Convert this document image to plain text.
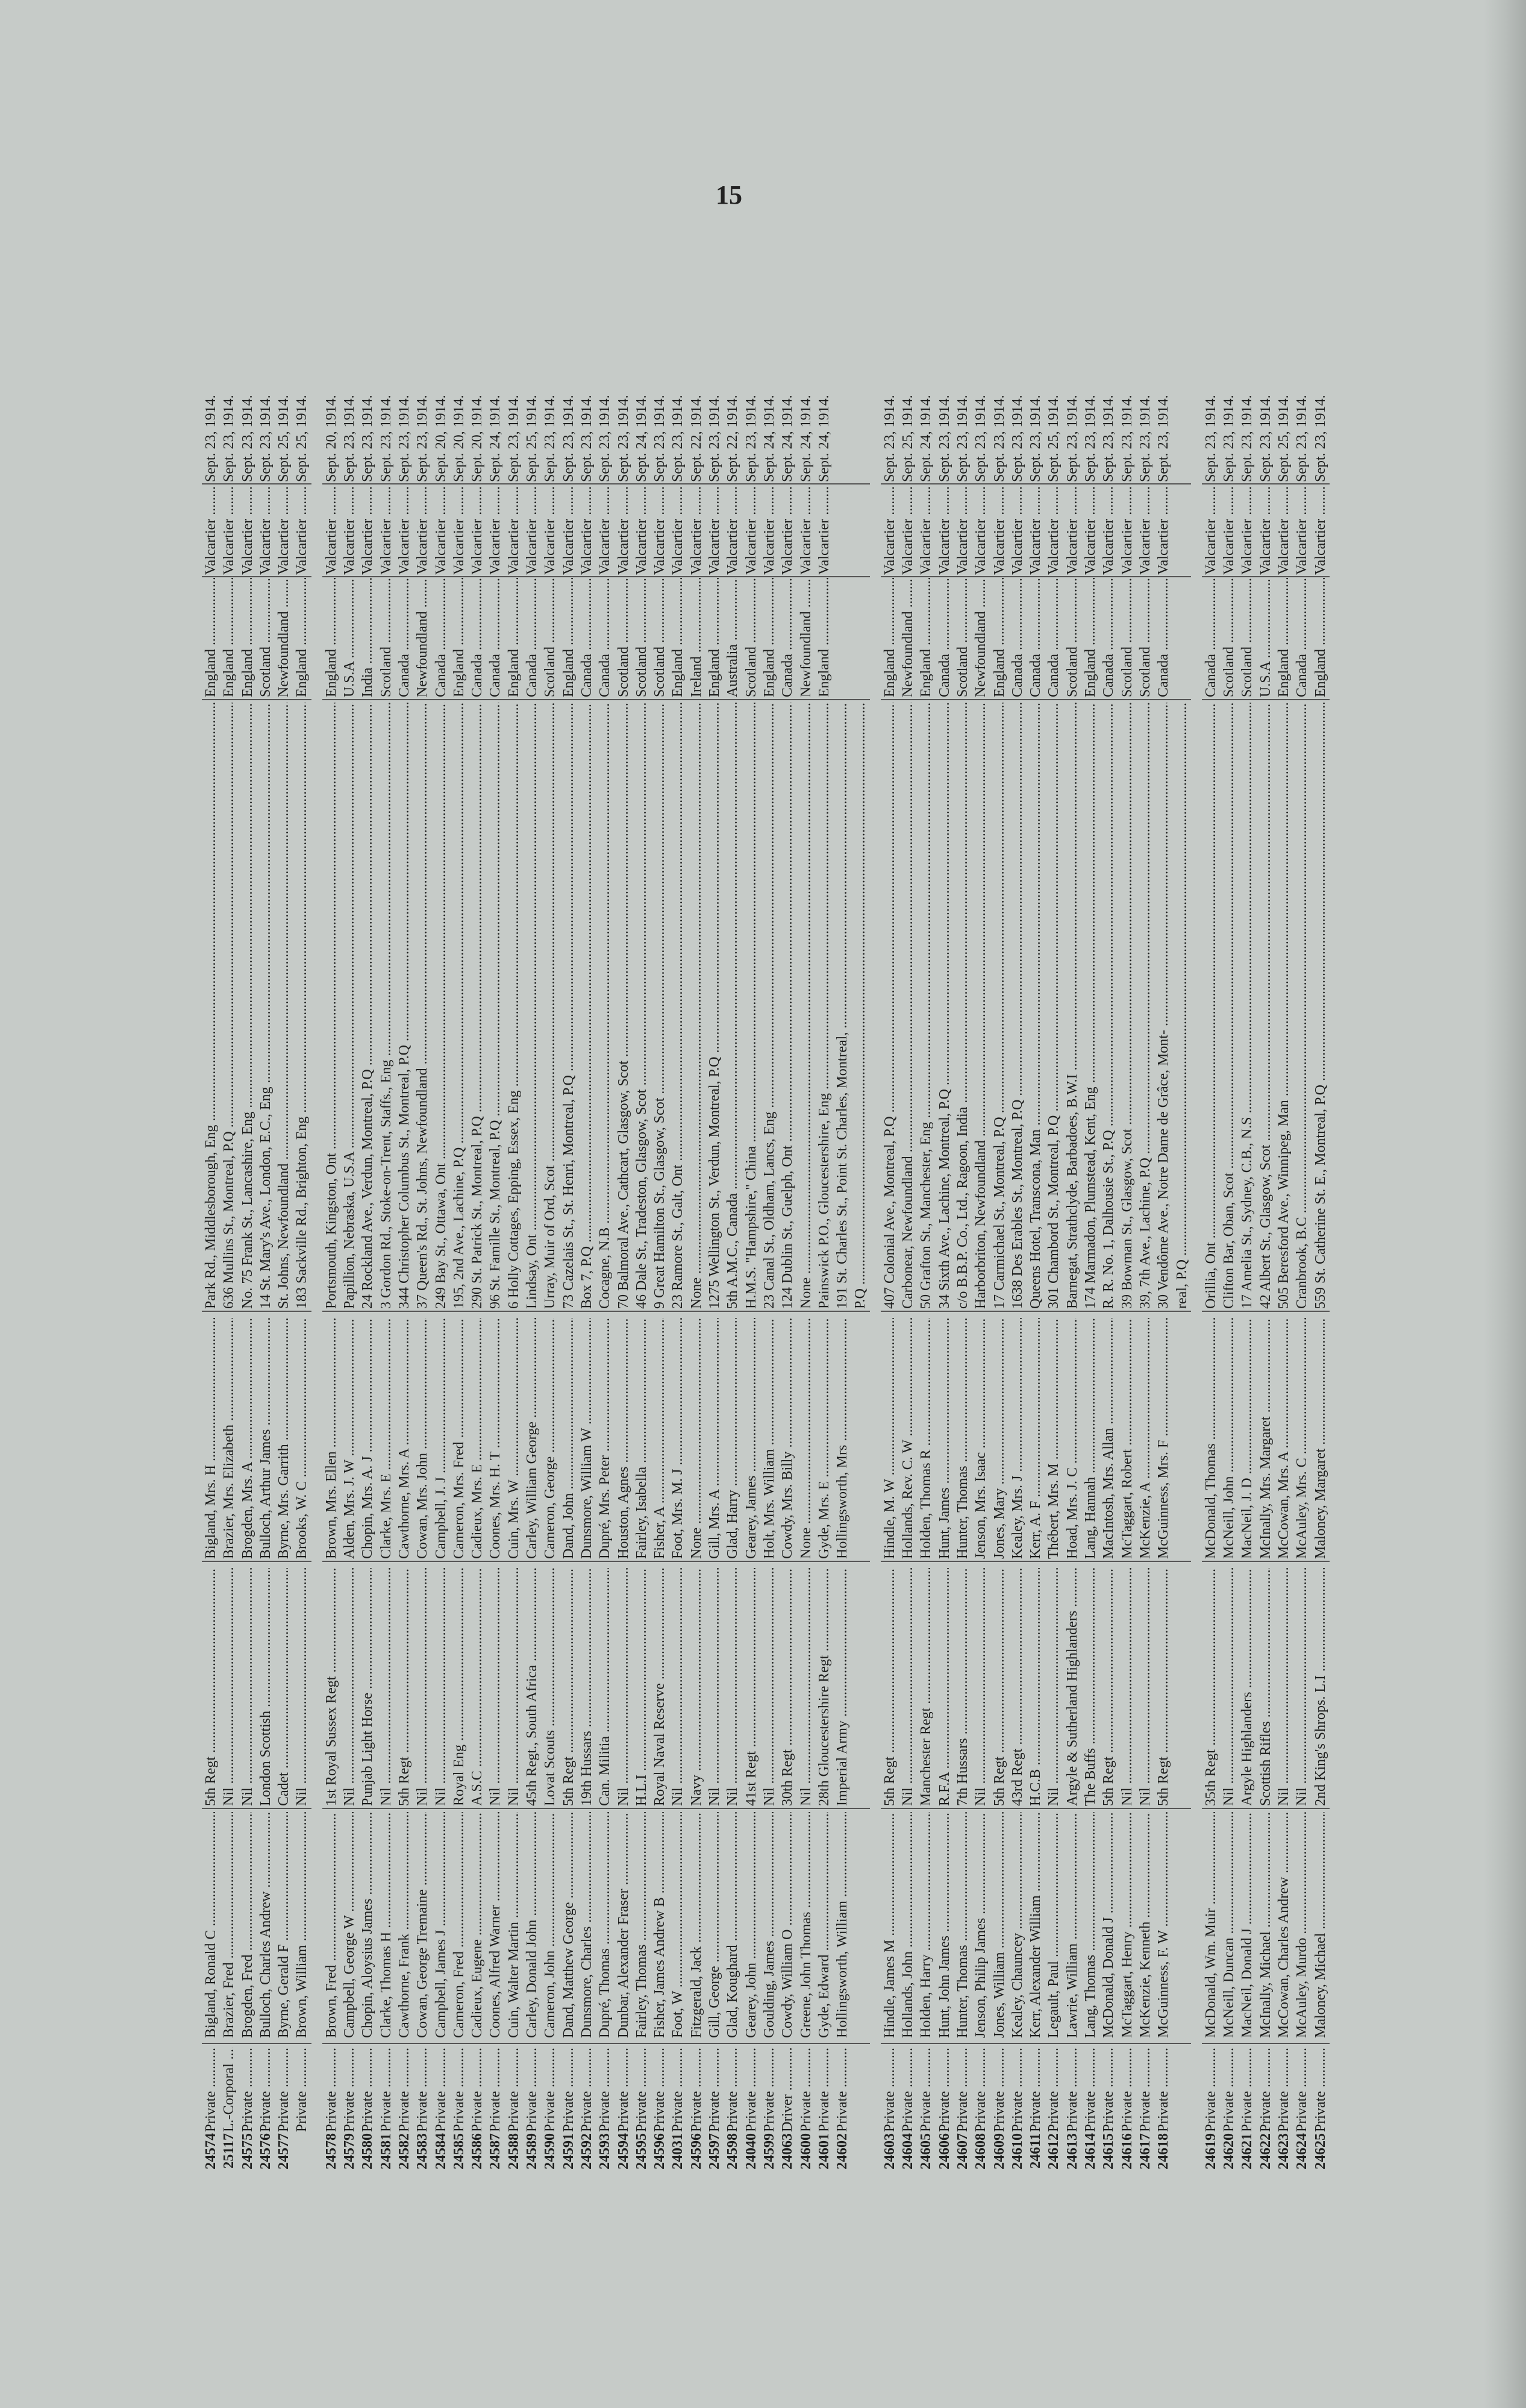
15
24574
Private .....
Bigland, Ronald C .....
5th Regt .....
Bigland, Mrs. H .....
Park Rd., Middlesborough, Eng .....
England .....
Valcartier .....
Sept. 23, 1914.
25117
L.-Corporal .....
Brazier, Fred .....
Nil .....
Brazier, Mrs. Elizabeth .....
636 Mullins St., Montreal, P.Q .....
England .....
Valcartier .....
Sept. 23, 1914.
24575
Private .....
Brogden, Fred .....
Nil .....
Brogden, Mrs. A .....
No. 75 Frank St., Lancashire, Eng .....
England .....
Valcartier .....
Sept. 23, 1914.
24576
Private .....
Bulloch, Charles Andrew .....
London Scottish .....
Bulloch, Arthur James .....
14 St. Mary's Ave., London, E.C., Eng .....
Scotland .....
Valcartier .....
Sept. 23, 1914.
24577
Private .....
Byrne, Gerald F .....
Cadet .....
Byrne, Mrs. Garrith .....
St. Johns, Newfoundland .....
Newfoundland .....
Valcartier .....
Sept. 25, 1914.
Private .....
Brown, William .....
Nil .....
Brooks, W. C .....
183 Sackville Rd., Brighton, Eng .....
England .....
Valcartier .....
Sept. 25, 1914.
24578
Private .....
Brown, Fred .....
1st Royal Sussex Regt .....
Brown, Mrs. Ellen .....
Portsmouth, Kingston, Ont .....
England .....
Valcartier .....
Sept. 20, 1914.
24579
Private .....
Campbell, George W .....
Nil .....
Alden, Mrs. J. W .....
Papillion, Nebraska, U.S.A .....
U.S.A .....
Valcartier .....
Sept. 23, 1914.
24580
Private .....
Chopin, Aloysius James .....
Punjab Light Horse .....
Chopin, Mrs. A. J .....
24 Rockland Ave., Verdun, Montreal, P.Q .....
India .....
Valcartier .....
Sept. 23, 1914.
24581
Private .....
Clarke, Thomas H .....
Nil .....
Clarke, Mrs. E .....
3 Gordon Rd., Stoke-on-Trent, Staffs., Eng .....
Scotland .....
Valcartier .....
Sept. 23, 1914.
24582
Private .....
Cawthorne, Frank .....
5th Regt .....
Cawthorne, Mrs. A .....
344 Christopher Columbus St., Montreal, P.Q .....
Canada .....
Valcartier .....
Sept. 23, 1914.
24583
Private .....
Cowan, George Tremaine .....
Nil .....
Cowan, Mrs. John .....
37 Queen's Rd., St. Johns, Newfoundland .....
Newfoundland .....
Valcartier .....
Sept. 23, 1914.
24584
Private .....
Campbell, James J .....
Nil .....
Campbell, J. J .....
249 Bay St., Ottawa, Ont .....
Canada .....
Valcartier .....
Sept. 20, 1914.
24585
Private .....
Cameron, Fred .....
Royal Eng .....
Cameron, Mrs. Fred .....
195, 2nd Ave., Lachine, P.Q .....
England .....
Valcartier .....
Sept. 20, 1914.
24586
Private .....
Cadieux, Eugene .....
A.S.C .....
Cadieux, Mrs. E .....
290 St. Patrick St., Montreal, P.Q .....
Canada .....
Valcartier .....
Sept. 20, 1914.
24587
Private .....
Coones, Alfred Warner .....
Nil .....
Coones, Mrs. H. T .....
96 St. Famille St., Montreal, P.Q .....
Canada .....
Valcartier .....
Sept. 24, 1914.
24588
Private .....
Cuin, Walter Martin .....
Nil .....
Cuin, Mrs. W .....
6 Holly Cottages, Epping, Essex, Eng .....
England .....
Valcartier .....
Sept. 23, 1914.
24589
Private .....
Carley, Donald John .....
45th Regt., South Africa .....
Carley, William George .....
Lindsay, Ont .....
Canada .....
Valcartier .....
Sept. 25, 1914.
24590
Private .....
Cameron, John .....
Lovat Scouts .....
Cameron, George .....
Urray, Muir of Ord, Scot .....
Scotland .....
Valcartier .....
Sept. 23, 1914.
24591
Private .....
Dand, Matthew George .....
5th Regt .....
Dand, John .....
73 Cazelais St., St. Henri, Montreal, P.Q .....
England .....
Valcartier .....
Sept. 23, 1914.
24592
Private .....
Dunsmore, Charles .....
19th Hussars .....
Dunsmore, William W .....
Box 7, P.Q .....
Canada .....
Valcartier .....
Sept. 23, 1914.
24593
Private .....
Dupré, Thomas .....
Can. Militia .....
Dupré, Mrs. Peter .....
Cocagne, N.B .....
Canada .....
Valcartier .....
Sept. 23, 1914.
24594
Private .....
Dunbar, Alexander Fraser .....
Nil .....
Houston, Agnes .....
70 Balmoral Ave., Cathcart, Glasgow, Scot .....
Scotland .....
Valcartier .....
Sept. 23, 1914.
24595
Private .....
Fairley, Thomas .....
H.L.I .....
Fairley, Isabella .....
46 Dale St., Tradeston, Glasgow, Scot .....
Scotland .....
Valcartier .....
Sept. 24, 1914.
24596
Private .....
Fisher, James Andrew B .....
Royal Naval Reserve .....
Fisher, A .....
9 Great Hamilton St., Glasgow, Scot .....
Scotland .....
Valcartier .....
Sept. 23, 1914.
24031
Private .....
Foot, W .....
Nil .....
Foot, Mrs. M. J .....
23 Ramore St., Galt, Ont .....
England .....
Valcartier .....
Sept. 23, 1914.
24596
Private .....
Fitzgerald, Jack .....
Navy .....
None .....
None .....
Ireland .....
Valcartier .....
Sept. 22, 1914.
24597
Private .....
Gill, George .....
Nil .....
Gill, Mrs. A .....
1275 Wellington St., Verdun, Montreal, P.Q .....
England .....
Valcartier .....
Sept. 23, 1914.
24598
Private .....
Glad, Koughard .....
Nil .....
Glad, Harry .....
5th A.M.C., Canada .....
Australia .....
Valcartier .....
Sept. 22, 1914.
24040
Private .....
Gearey, John .....
41st Regt .....
Gearey, James .....
H.M.S. "Hampshire," China .....
Scotland .....
Valcartier .....
Sept. 23, 1914.
24599
Private .....
Goulding, James .....
Nil .....
Holt, Mrs. William .....
23 Canal St., Oldham, Lancs, Eng .....
England .....
Valcartier .....
Sept. 24, 1914.
24063
Driver .....
Cowdy, William O .....
30th Regt .....
Cowdy, Mrs. Billy .....
124 Dublin St., Guelph, Ont .....
Canada .....
Valcartier .....
Sept. 24, 1914.
24600
Private .....
Greene, John Thomas .....
Nil .....
None .....
None .....
Newfoundland .....
Valcartier .....
Sept. 24, 1914.
24601
Private .....
Gyde, Edward .....
28th Gloucestershire Regt .....
Gyde, Mrs. E .....
Painswick P.O., Gloucestershire, Eng .....
England .....
Valcartier .....
Sept. 24, 1914.
24602
Private .....
Hollingsworth, William .....
Imperial Army .....
Hollingsworth, Mrs .....
191 St. Charles St., Point St. Charles, Montreal, ..... P.Q .....
24603
Private .....
Hindle, James M .....
5th Regt .....
Hindle, M. W .....
407 Colonial Ave., Montreal, P.Q .....
England .....
Valcartier .....
Sept. 23, 1914.
24604
Private .....
Hollands, John .....
Nil .....
Hollands, Rev. C. W .....
Carbonear, Newfoundland .....
Newfoundland .....
Valcartier .....
Sept. 25, 1914.
24605
Private .....
Holden, Harry .....
Manchester Regt .....
Holden, Thomas R .....
50 Grafton St., Manchester, Eng .....
England .....
Valcartier .....
Sept. 24, 1914.
24606
Private .....
Hunt, John James .....
R.F.A .....
Hunt, James .....
34 Sixth Ave., Lachine, Montreal, P.Q .....
Canada .....
Valcartier .....
Sept. 23, 1914.
24607
Private .....
Hunter, Thomas .....
7th Hussars .....
Hunter, Thomas .....
c/o B.B.P. Co., Ltd., Ragoon, India .....
Scotland .....
Valcartier .....
Sept. 23, 1914.
24608
Private .....
Jenson, Philip James .....
Nil .....
Jenson, Mrs. Isaac .....
Harborbriton, Newfoundland .....
Newfoundland .....
Valcartier .....
Sept. 23, 1914.
24609
Private .....
Jones, William .....
5th Regt .....
Jones, Mary .....
17 Carmichael St., Montreal, P.Q .....
England .....
Valcartier .....
Sept. 23, 1914.
24610
Private .....
Kealey, Chauncey .....
43rd Regt .....
Kealey, Mrs. J .....
1638 Des Erables St., Montreal, P.Q .....
Canada .....
Valcartier .....
Sept. 23, 1914.
24611
Private .....
Kerr, Alexander William .....
H.C.B .....
Kerr, A. F .....
Queens Hotel, Transcona, Man .....
Canada .....
Valcartier .....
Sept. 23, 1914.
24612
Private .....
Legault, Paul .....
Nil .....
Thébert, Mrs. M .....
301 Chambord St., Montreal, P.Q .....
Canada .....
Valcartier .....
Sept. 25, 1914.
24613
Private .....
Lawrie, William .....
Argyle & Sutherland Highlanders .....
Hoad, Mrs. J. C .....
Barnegat, Strathclyde, Barbadoes, B.W.I .....
Scotland .....
Valcartier .....
Sept. 23, 1914.
24614
Private .....
Lang, Thomas .....
The Buffs .....
Lang, Hannah .....
174 Marmadon, Plumstead, Kent, Eng .....
England .....
Valcartier .....
Sept. 23, 1914.
24615
Private .....
McDonald, Donald J .....
5th Regt .....
MacIntosh, Mrs. Allan .....
R. R. No. 1, Dalhousie St., P.Q .....
Canada .....
Valcartier .....
Sept. 23, 1914.
24616
Private .....
McTaggart, Henry .....
Nil .....
McTaggart, Robert .....
39 Bowman St., Glasgow, Scot .....
Scotland .....
Valcartier .....
Sept. 23, 1914.
24617
Private .....
McKenzie, Kenneth .....
Nil .....
McKenzie, A .....
39, 7th Ave., Lachine, P.Q .....
Scotland .....
Valcartier .....
Sept. 23, 1914.
24618
Private .....
McGuinness, F. W .....
5th Regt .....
McGuinness, Mrs. F .....
30 Vendôme Ave., Notre Dame de Grâce, Mont- .....
Canada .....
Valcartier .....
Sept. 23, 1914.
real, P.Q .....
24619
Private .....
McDonald, Wm. Muir .....
35th Regt .....
McDonald, Thomas .....
Orillia, Ont .....
Canada .....
Valcartier .....
Sept. 23, 1914.
24620
Private .....
McNeill, Duncan .....
Nil .....
McNeill, John .....
Clifton Bar, Oban, Scot .....
Scotland .....
Valcartier .....
Sept. 23, 1914.
24621
Private .....
MacNeil, Donald J .....
Argyle Highlanders .....
MacNeil, J. D .....
17 Amelia St., Sydney, C.B., N.S .....
Scotland .....
Valcartier .....
Sept. 23, 1914.
24622
Private .....
McInally, Michael .....
Scottish Rifles .....
McInally, Mrs. Margaret .....
42 Albert St., Glasgow, Scot .....
U.S.A .....
Valcartier .....
Sept. 23, 1914.
24623
Private .....
McCowan, Charles Andrew .....
Nil .....
McCowan, Mrs. A .....
505 Beresford Ave., Winnipeg, Man .....
England .....
Valcartier .....
Sept. 25, 1914.
24624
Private .....
McAuley, Murdo .....
Nil .....
McAuley, Mrs. C .....
Cranbrook, B.C .....
Canada .....
Valcartier .....
Sept. 23, 1914.
24625
Private .....
Maloney, Michael .....
2nd King's Shrops. L.I .....
Maloney, Margaret .....
559 St. Catherine St. E., Montreal, P.Q .....
England .....
Valcartier .....
Sept. 23, 1914.
